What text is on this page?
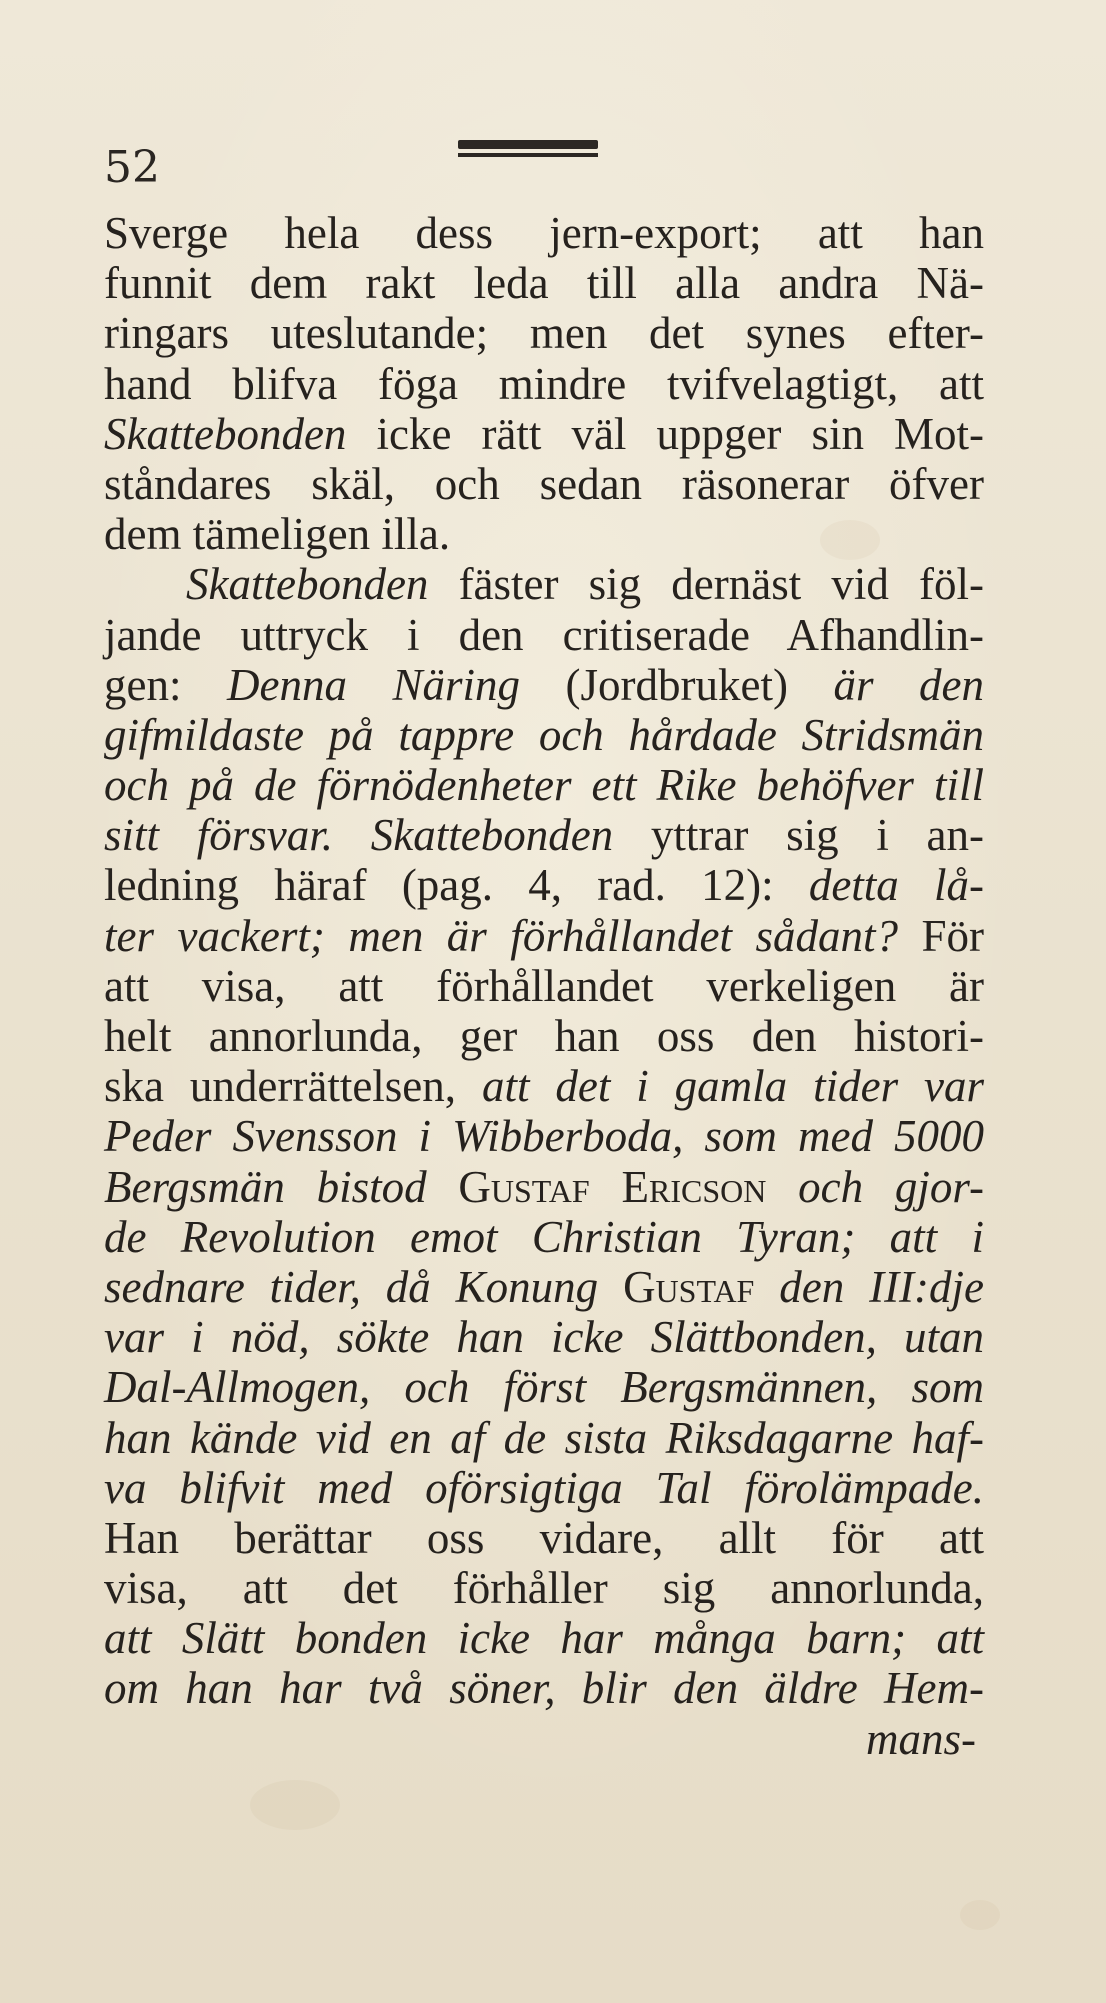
52
Sverge hela dess jern-export; att han
funnit dem rakt leda till alla andra Nä-
ringars uteslutande; men det synes efter-
hand blifva föga mindre tvifvelagtigt, att
Skattebonden icke rätt väl uppger sin Mot-
ståndares skäl, och sedan räsonerar öfver
dem tämeligen illa.
Skattebonden fäster sig dernäst vid föl-
jande uttryck i den critiserade Afhandlin-
gen: Denna Näring (Jordbruket) är den
gifmildaste på tappre och hårdade Stridsmän
och på de förnödenheter ett Rike behöfver till
sitt försvar. Skattebonden yttrar sig i an-
ledning häraf (pag. 4, rad. 12): detta lå-
ter vackert; men är förhållandet sådant? För
att visa, att förhållandet verkeligen är
helt annorlunda, ger han oss den histori-
ska underrättelsen, att det i gamla tider var
Peder Svensson i Wibberboda, som med 5000
Bergsmän bistod Gustaf Ericson och gjor-
de Revolution emot Christian Tyran; att i
sednare tider, då Konung Gustaf den III:dje
var i nöd, sökte han icke Slättbonden, utan
Dal-Allmogen, och först Bergsmännen, som
han kände vid en af de sista Riksdagarne haf-
va blifvit med oförsigtiga Tal förolämpade.
Han berättar oss vidare, allt för att
visa, att det förhåller sig annorlunda,
att Slätt bonden icke har många barn; att
om han har två söner, blir den äldre Hem-
mans-
